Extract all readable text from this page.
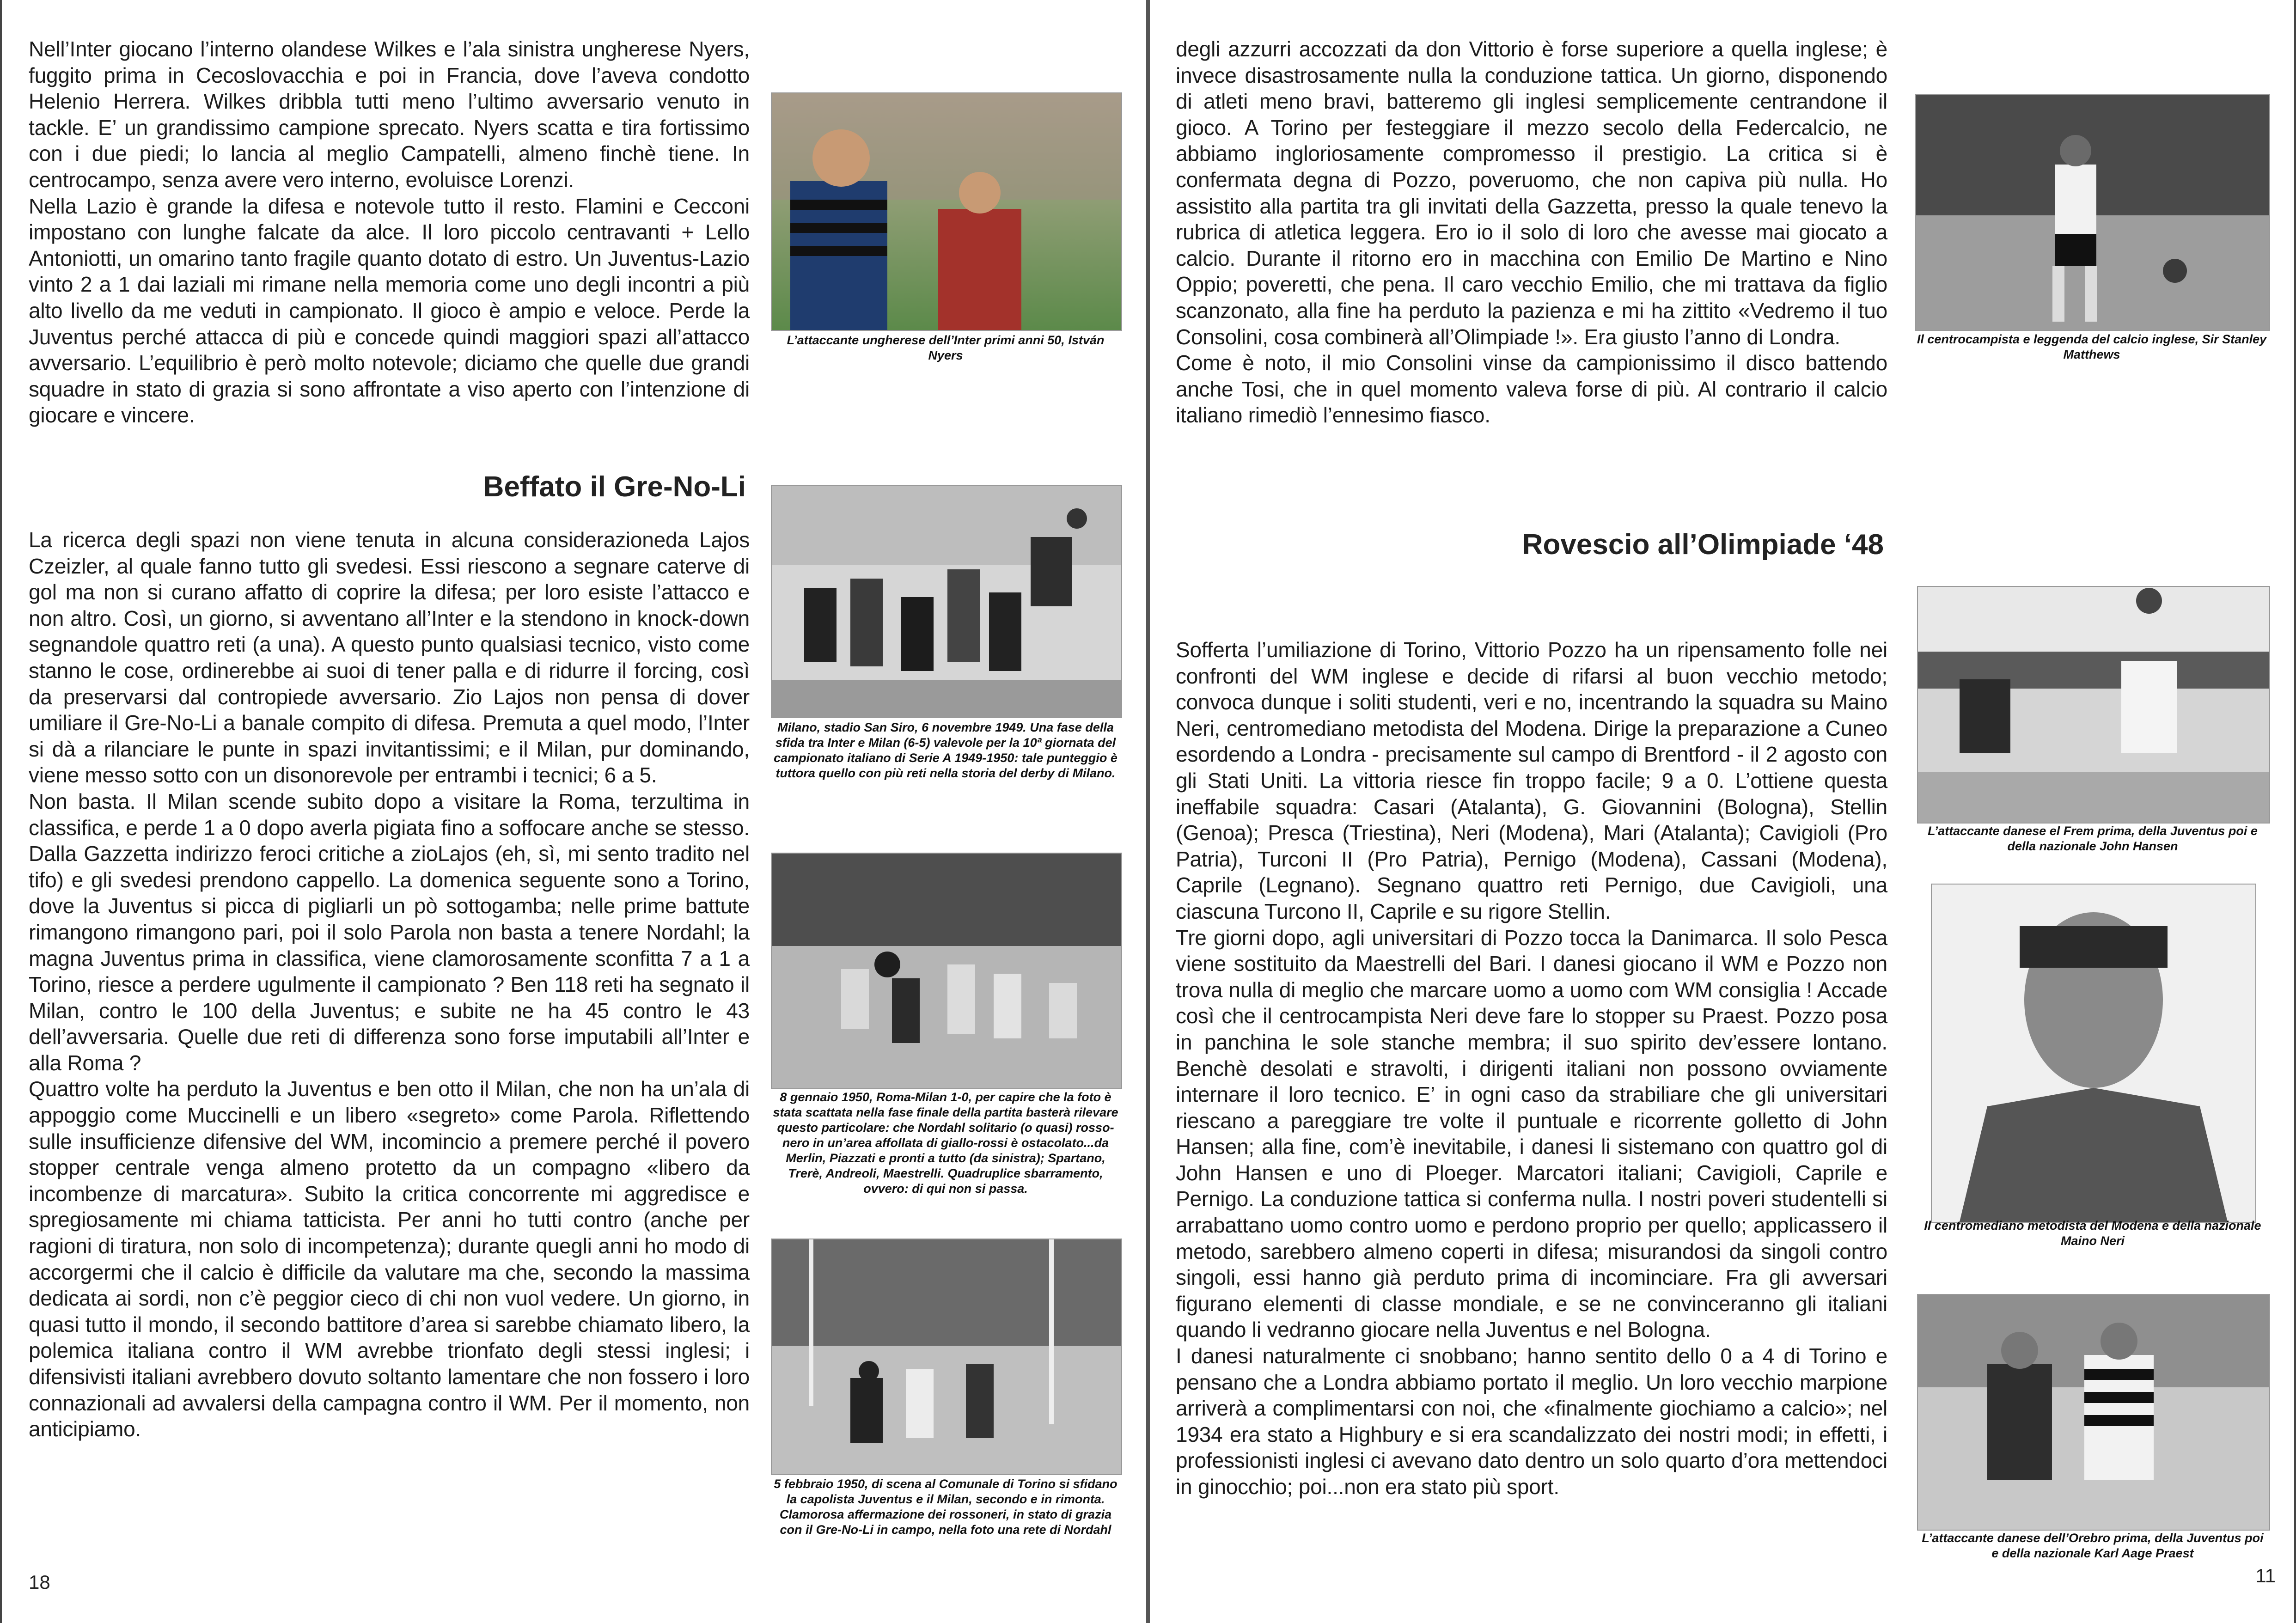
Nell’Inter giocano l’interno olandese Wilkes e l’ala sinistra ungherese Nyers, fuggito prima in Cecoslovacchia e poi in Francia, dove l’aveva condotto Helenio Herrera. Wilkes dribbla tutti meno l’ultimo avversario venuto in tackle. E’ un grandissimo campione sprecato. Nyers scatta e tira fortissimo con i due piedi; lo lancia al meglio Campatelli, almeno finchè tiene. In centrocampo, senza avere vero interno, evoluisce Lorenzi.
Nella Lazio è grande la difesa e notevole tutto il resto. Flamini e Cecconi impostano con lunghe falcate da alce. Il loro piccolo centravanti + Lello Antoniotti, un omarino tanto fragile quanto dotato di estro. Un Juventus-Lazio vinto 2 a 1 dai laziali mi rimane nella memoria come uno degli incontri a più alto livello da me veduti in campionato. Il gioco è ampio e veloce. Perde la Juventus perché attacca di più e concede quindi maggiori spazi all’attacco avversario. L’equilibrio è però molto notevole; diciamo che quelle due grandi squadre in stato di grazia si sono affrontate a viso aperto con l’intenzione di giocare e vincere.
Beffato il Gre-No-Li
La ricerca degli spazi non viene tenuta in alcuna considerazioneda Lajos Czeizler, al quale fanno tutto gli svedesi. Essi riescono a segnare caterve di gol ma non si curano affatto di coprire la difesa; per loro esiste l’attacco e non altro. Così, un giorno, si avventano all’Inter e la stendono in knock-down segnandole quattro reti (a una). A questo punto qualsiasi tecnico, visto come stanno le cose, ordinerebbe ai suoi di tener palla e di ridurre il forcing, così da preservarsi dal contropiede avversario. Zio Lajos non pensa di dover umiliare il Gre-No-Li a banale compito di difesa. Premuta a quel modo, l’Inter si dà a rilanciare le punte in spazi invitantissimi; e il Milan, pur dominando, viene messo sotto con un disonorevole per entrambi i tecnici; 6 a 5.
Non basta. Il Milan scende subito dopo a visitare la Roma, terzultima in classifica, e perde 1 a 0 dopo averla pigiata fino a soffocare anche se stesso. Dalla Gazzetta indirizzo feroci critiche a zioLajos (eh, sì, mi sento tradito nel tifo) e gli svedesi prendono cappello. La domenica seguente sono a Torino, dove la Juventus si picca di pigliarli un pò sottogamba; nelle prime battute rimangono rimangono pari, poi il solo Parola non basta a tenere Nordahl; la magna Juventus prima in classifica, viene clamorosamente sconfitta 7 a 1 a Torino, riesce a perdere ugulmente il campionato ? Ben 118 reti ha segnato il Milan, contro le 100 della Juventus; e subite ne ha 45 contro le 43 dell’avversaria. Quelle due reti di differenza sono forse imputabili all’Inter e alla Roma ?
Quattro volte ha perduto la Juventus e ben otto il Milan, che non ha un’ala di appoggio come Muccinelli e un libero «segreto» come Parola. Riflettendo sulle insufficienze difensive del WM, incomincio a premere perché il povero stopper centrale venga almeno protetto da un compagno «libero da incombenze di marcatura». Subito la critica concorrente mi aggredisce e spregiosamente mi chiama tatticista. Per anni ho tutti contro (anche per ragioni di tiratura, non solo di incompetenza); durante quegli anni ho modo di accorgermi che il calcio è difficile da valutare ma che, secondo la massima dedicata ai sordi, non c’è peggior cieco di chi non vuol vedere. Un giorno, in quasi tutto il mondo, il secondo battitore d’area si sarebbe chiamato libero, la polemica italiana contro il WM avrebbe trionfato degli stessi inglesi; i difensivisti italiani avrebbero dovuto soltanto lamentare che non fossero i loro connazionali ad avvalersi della campagna contro il WM. Per il momento, non anticipiamo.
L’attaccante ungherese dell’Inter primi anni 50, István Nyers
Milano, stadio San Siro, 6 novembre 1949. Una fase della sfida tra Inter e Milan (6-5) valevole per la 10ª giornata del campionato italiano di Serie A 1949-1950: tale punteggio è tuttora quello con più reti nella storia del derby di Milano.
8 gennaio 1950, Roma-Milan 1-0, per capire che la foto è stata scattata nella fase finale della partita basterà rilevare questo particolare: che Nordahl solitario (o quasi) rosso-nero in un’area affollata di giallo-rossi è ostacolato...da Merlin, Piazzati e pronti a tutto (da sinistra); Spartano, Trerè, Andreoli, Maestrelli. Quadruplice sbarramento, ovvero: di qui non si passa.
5 febbraio 1950, di scena al Comunale di Torino si sfidano la capolista Juventus e il Milan, secondo e in rimonta. Clamorosa affermazione dei rossoneri, in stato di grazia con il Gre-No-Li in campo, nella foto una rete di Nordahl
18
degli azzurri accozzati da don Vittorio è forse superiore a quella inglese; è invece disastrosamente nulla la conduzione tattica. Un giorno, disponendo di atleti meno bravi, batteremo gli inglesi semplicemente centrandone il gioco. A Torino per festeggiare il mezzo secolo della Federcalcio, ne abbiamo ingloriosamente compromesso il prestigio. La critica si è confermata degna di Pozzo, poveruomo, che non capiva più nulla. Ho assistito alla partita tra gli invitati della Gazzetta, presso la quale tenevo la rubrica di atletica leggera. Ero io il solo di loro che avesse mai giocato a calcio. Durante il ritorno ero in macchina con Emilio De Martino e Nino Oppio; poveretti, che pena. Il caro vecchio Emilio, che mi trattava da figlio scanzonato, alla fine ha perduto la pazienza e mi ha zittito «Vedremo il tuo Consolini, cosa combinerà all’Olimpiade !». Era giusto l’anno di Londra.
Come è noto, il mio Consolini vinse da campionissimo il disco battendo anche Tosi, che in quel momento valeva forse di più. Al contrario il calcio italiano rimediò l’ennesimo fiasco.
Rovescio all’Olimpiade ‘48
Sofferta l’umiliazione di Torino, Vittorio Pozzo ha un ripensamento folle nei confronti del WM inglese e decide di rifarsi al buon vecchio metodo; convoca dunque i soliti studenti, veri e no, incentrando la squadra su Maino Neri, centromediano metodista del Modena. Dirige la preparazione a Cuneo esordendo a Londra - precisamente sul campo di Brentford - il 2 agosto con gli Stati Uniti. La vittoria riesce fin troppo facile; 9 a 0. L’ottiene questa ineffabile squadra: Casari (Atalanta), G. Giovannini (Bologna), Stellin (Genoa); Presca (Triestina), Neri (Modena), Mari (Atalanta); Cavigioli (Pro Patria), Turconi II (Pro Patria), Pernigo (Modena), Cassani (Modena), Caprile (Legnano). Segnano quattro reti Pernigo, due Cavigioli, una ciascuna Turcono II, Caprile e su rigore Stellin.
Tre giorni dopo, agli universitari di Pozzo tocca la Danimarca. Il solo Pesca viene sostituito da Maestrelli del Bari. I danesi giocano il WM e Pozzo non trova nulla di meglio che marcare uomo a uomo com WM consiglia ! Accade così che il centrocampista Neri deve fare lo stopper su Praest. Pozzo posa in panchina le sole stanche membra; il suo spirito dev’essere lontano. Benchè desolati e stravolti, i dirigenti italiani non possono ovviamente internare il loro tecnico. E’ in ogni caso da strabiliare che gli universitari riescano a pareggiare tre volte il puntuale e ricorrente golletto di John Hansen; alla fine, com’è inevitabile, i danesi li sistemano con quattro gol di John Hansen e uno di Ploeger. Marcatori italiani; Cavigioli, Caprile e Pernigo. La conduzione tattica si conferma nulla. I nostri poveri studentelli si arrabattano uomo contro uomo e perdono proprio per quello; applicassero il metodo, sarebbero almeno coperti in difesa; misurandosi da singoli contro singoli, essi hanno già perduto prima di incominciare. Fra gli avversari figurano elementi di classe mondiale, e se ne convinceranno gli italiani quando li vedranno giocare nella Juventus e nel Bologna.
I danesi naturalmente ci snobbano; hanno sentito dello 0 a 4 di Torino e pensano che a Londra abbiamo portato il meglio. Un loro vecchio marpione arriverà a complimentarsi con noi, che «finalmente giochiamo a calcio»; nel 1934 era stato a Highbury e si era scandalizzato dei nostri modi; in effetti, i professionisti inglesi ci avevano dato dentro un solo quarto d’ora mettendoci in ginocchio; poi...non era stato più sport.
Il centrocampista e leggenda del calcio inglese, Sir Stanley Matthews
L’attaccante danese el Frem prima, della Juventus poi e della nazionale John Hansen
Il centromediano metodista del Modena e della nazionale Maino Neri
L’attaccante danese dell’Orebro prima, della Juventus poi e della nazionale Karl Aage Praest
11
